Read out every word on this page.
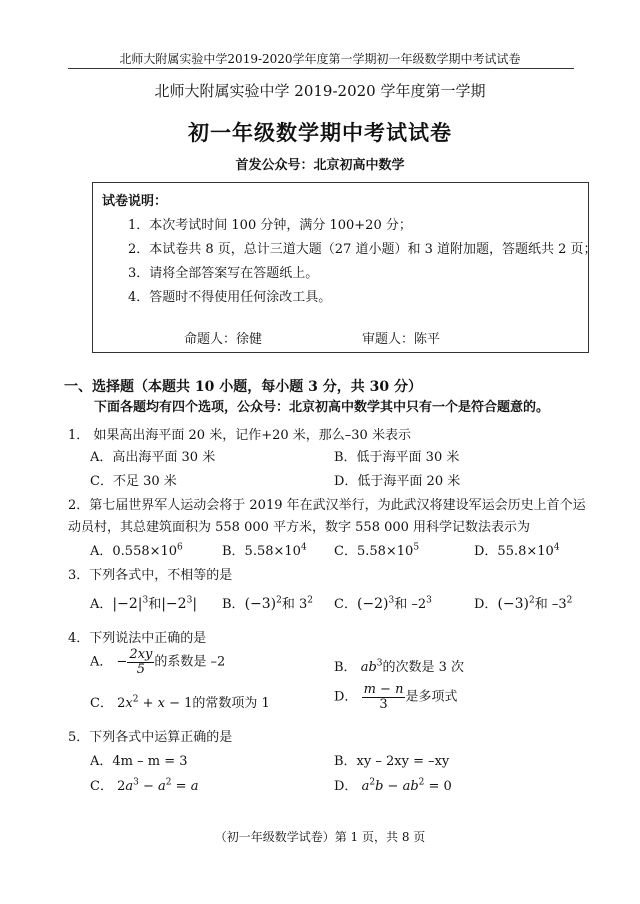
北师大附属实验中学2019-2020学年度第一学期初一年级数学期中考试试卷
北师大附属实验中学 2019-2020 学年度第一学期
初一年级数学期中考试试卷
首发公众号：北京初高中数学
试卷说明：
1．本次考试时间 100 分钟，满分 100+20 分；
2．本试卷共 8 页，总计三道大题（27 道小题）和 3 道附加题，答题纸共 2 页；
3．请将全部答案写在答题纸上。
4．答题时不得使用任何涂改工具。
命题人：徐健	审题人：陈平
一、选择题（本题共 10 小题，每小题 3 分，共 30 分）
下面各题均有四个选项，公众号：北京初高中数学其中只有一个是符合题意的。
1． 如果高出海平面 20 米，记作+20 米，那么–30 米表示
A．高出海平面 30 米	B．低于海平面 30 米
C．不足 30 米	D．低于海平面 20 米
2．第七届世界军人运动会将于 2019 年在武汉举行，为此武汉将建设军运会历史上首个运
动员村，其总建筑面积为 558 000 平方米，数字 558 000 用科学记数法表示为
A．$0.558\times 10^6$	B．$5.58\times 10^4$ C．$5.58\times 10^5$	D．$55.8\times 10^4$
3．下列各式中，不相等的是
A．$|-2|^3$和$|-2^3|$ B．$(-3)^2$和 $3^2$ C．$(-2)^3$和 $-2^3$	D．$(-3)^2$和 $-3^2$
4．下列说法中正确的是
A． − $\frac{2xy}{5}$ 的系数是 –2	B． $ab^3$的次数是 3 次
C． $2x^2 + x - 1$的常数项为 1	D． $\frac{m - n}{3}$ 是多项式
5．下列各式中运算正确的是
A．4m – m = 3	B．xy – 2xy = –xy
C． $2a^3 - a^2 = a$	D． $a^2b - ab^2 = 0$
（初一年级数学试卷）第 1 页，共 8 页
